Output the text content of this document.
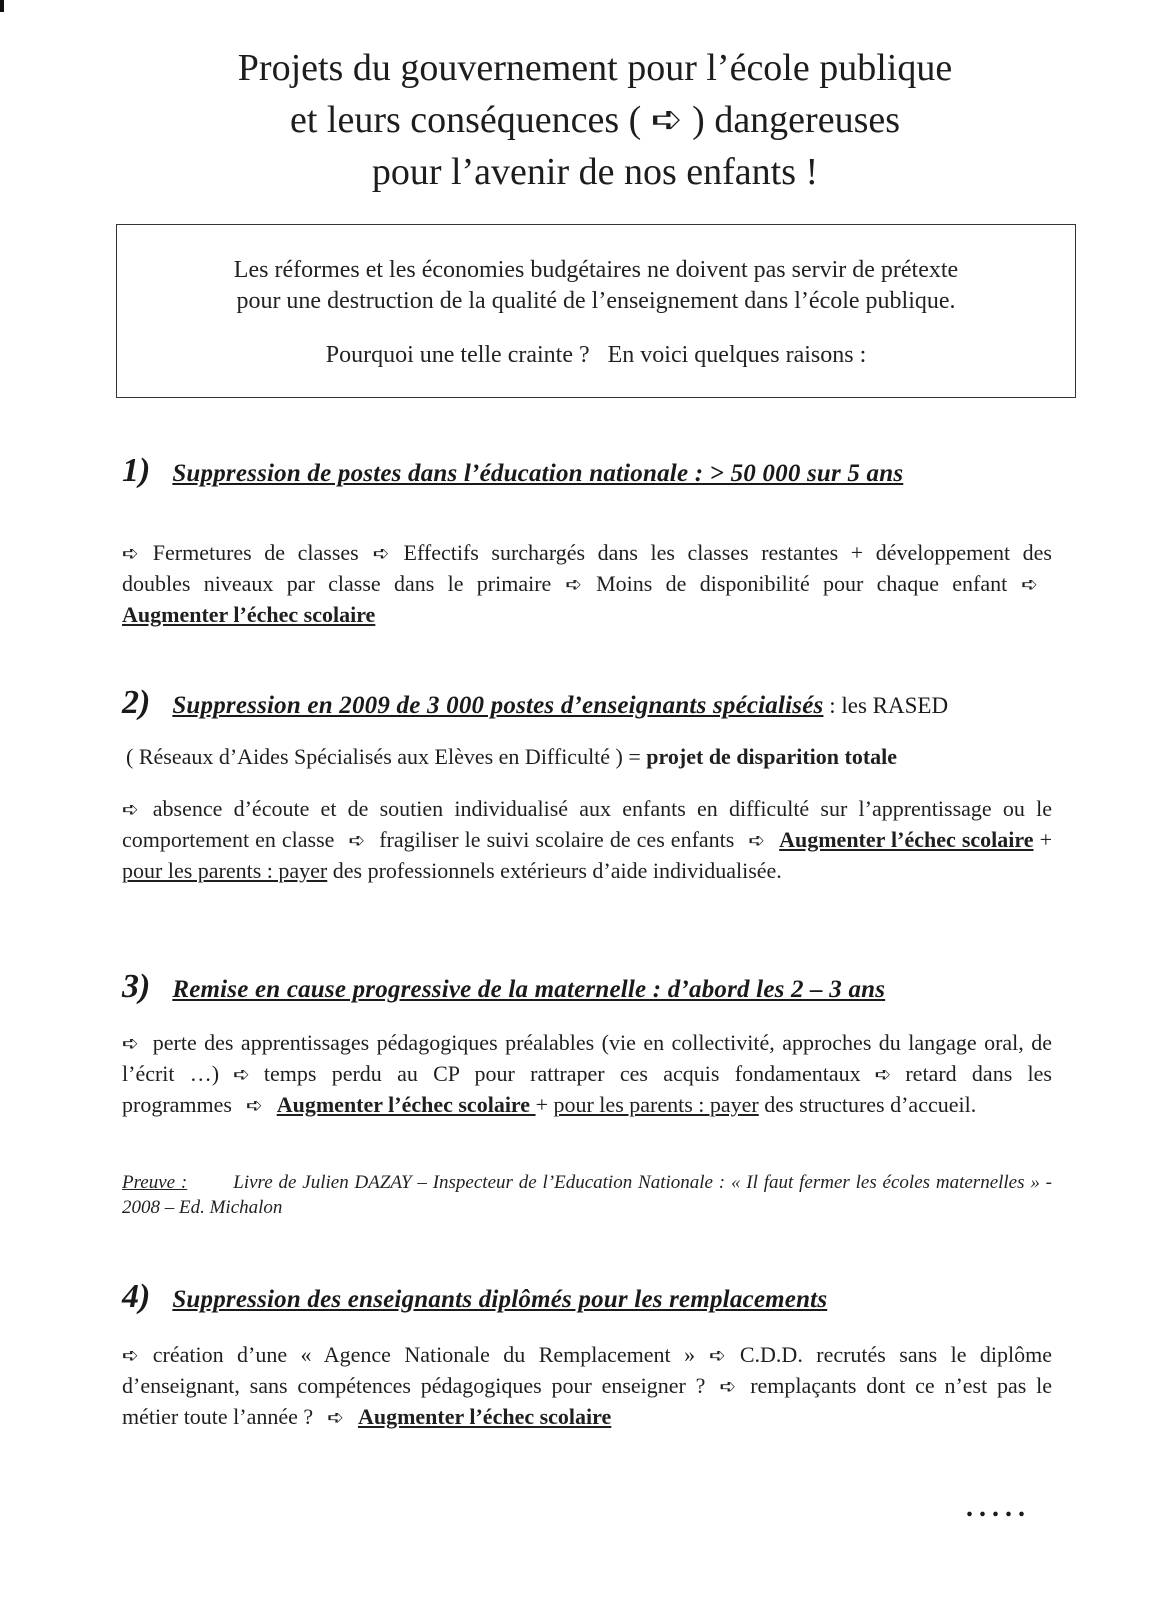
Projets du gouvernement pour l’école publique
et leurs conséquences ( ➪ ) dangereuses
pour l’avenir de nos enfants !
Les réformes et les économies budgétaires ne doivent pas servir de prétexte
pour une destruction de la qualité de l’enseignement dans l’école publique.
Pourquoi une telle crainte ? En voici quelques raisons :
1) Suppression de postes dans l’éducation nationale : > 50 000 sur 5 ans
➪ Fermetures de classes ➪ Effectifs surchargés dans les classes restantes + développement des doubles niveaux par classe dans le primaire ➪ Moins de disponibilité pour chaque enfant ➪Augmenter l’échec scolaire
2) Suppression en 2009 de 3 000 postes d’enseignants spécialisés : les RASED
( Réseaux d’Aides Spécialisés aux Elèves en Difficulté ) = projet de disparition totale
➪ absence d’écoute et de soutien individualisé aux enfants en difficulté sur l’apprentissage ou le comportement en classe ➪ fragiliser le suivi scolaire de ces enfants ➪ Augmenter l’échec scolaire + pour les parents : payer des professionnels extérieurs d’aide individualisée.
3) Remise en cause progressive de la maternelle : d’abord les 2 – 3 ans
➪ perte des apprentissages pédagogiques préalables (vie en collectivité, approches du langage oral, de l’écrit …) ➪ temps perdu au CP pour rattraper ces acquis fondamentaux ➪ retard dans les programmes ➪ Augmenter l’échec scolaire + pour les parents : payer des structures d’accueil.
Preuve : Livre de Julien DAZAY – Inspecteur de l’Education Nationale : « Il faut fermer les écoles maternelles » - 2008 – Ed. Michalon
4) Suppression des enseignants diplômés pour les remplacements
➪ création d’une « Agence Nationale du Remplacement » ➪ C.D.D. recrutés sans le diplôme d’enseignant, sans compétences pédagogiques pour enseigner ? ➪ remplaçants dont ce n’est pas le métier toute l’année ? ➪ Augmenter l’échec scolaire
.....
